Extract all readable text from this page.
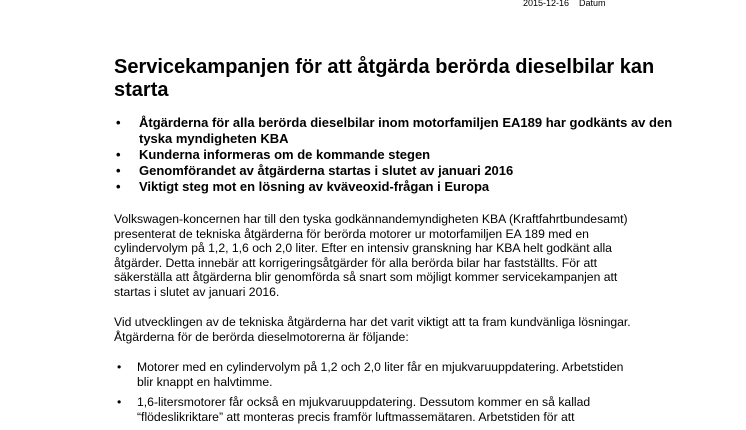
2015-12-16 Datum
Servicekampanjen för att åtgärda berörda dieselbilar kan starta
• Åtgärderna för alla berörda dieselbilar inom motorfamiljen EA189 har godkänts av den tyska myndigheten KBA
• Kunderna informeras om de kommande stegen
• Genomförandet av åtgärderna startas i slutet av januari 2016
• Viktigt steg mot en lösning av kväveoxid-frågan i Europa

Volkswagen-koncernen har till den tyska godkännandemyndigheten KBA (Kraftfahrtbundesamt) presenterat de tekniska åtgärderna för berörda motorer ur motorfamiljen EA 189 med en cylindervolym på 1,2, 1,6 och 2,0 liter. Efter en intensiv granskning har KBA helt godkänt alla åtgärder. Detta innebär att korrigeringsåtgärder för alla berörda bilar har fastställts. För att säkerställa att åtgärderna blir genomförda så snart som möjligt kommer servicekampanjen att startas i slutet av januari 2016.

Vid utvecklingen av de tekniska åtgärderna har det varit viktigt att ta fram kundvänliga lösningar. Åtgärderna för de berörda dieselmotorerna är följande:

• Motorer med en cylindervolym på 1,2 och 2,0 liter får en mjukvaruuppdatering. Arbetstiden blir knappt en halvtimme.
• 1,6-litersmotorer får också en mjukvaruuppdatering. Dessutom kommer en så kallad “flödeslikriktare” att monteras precis framför luftmassemätaren. Arbetstiden för att
